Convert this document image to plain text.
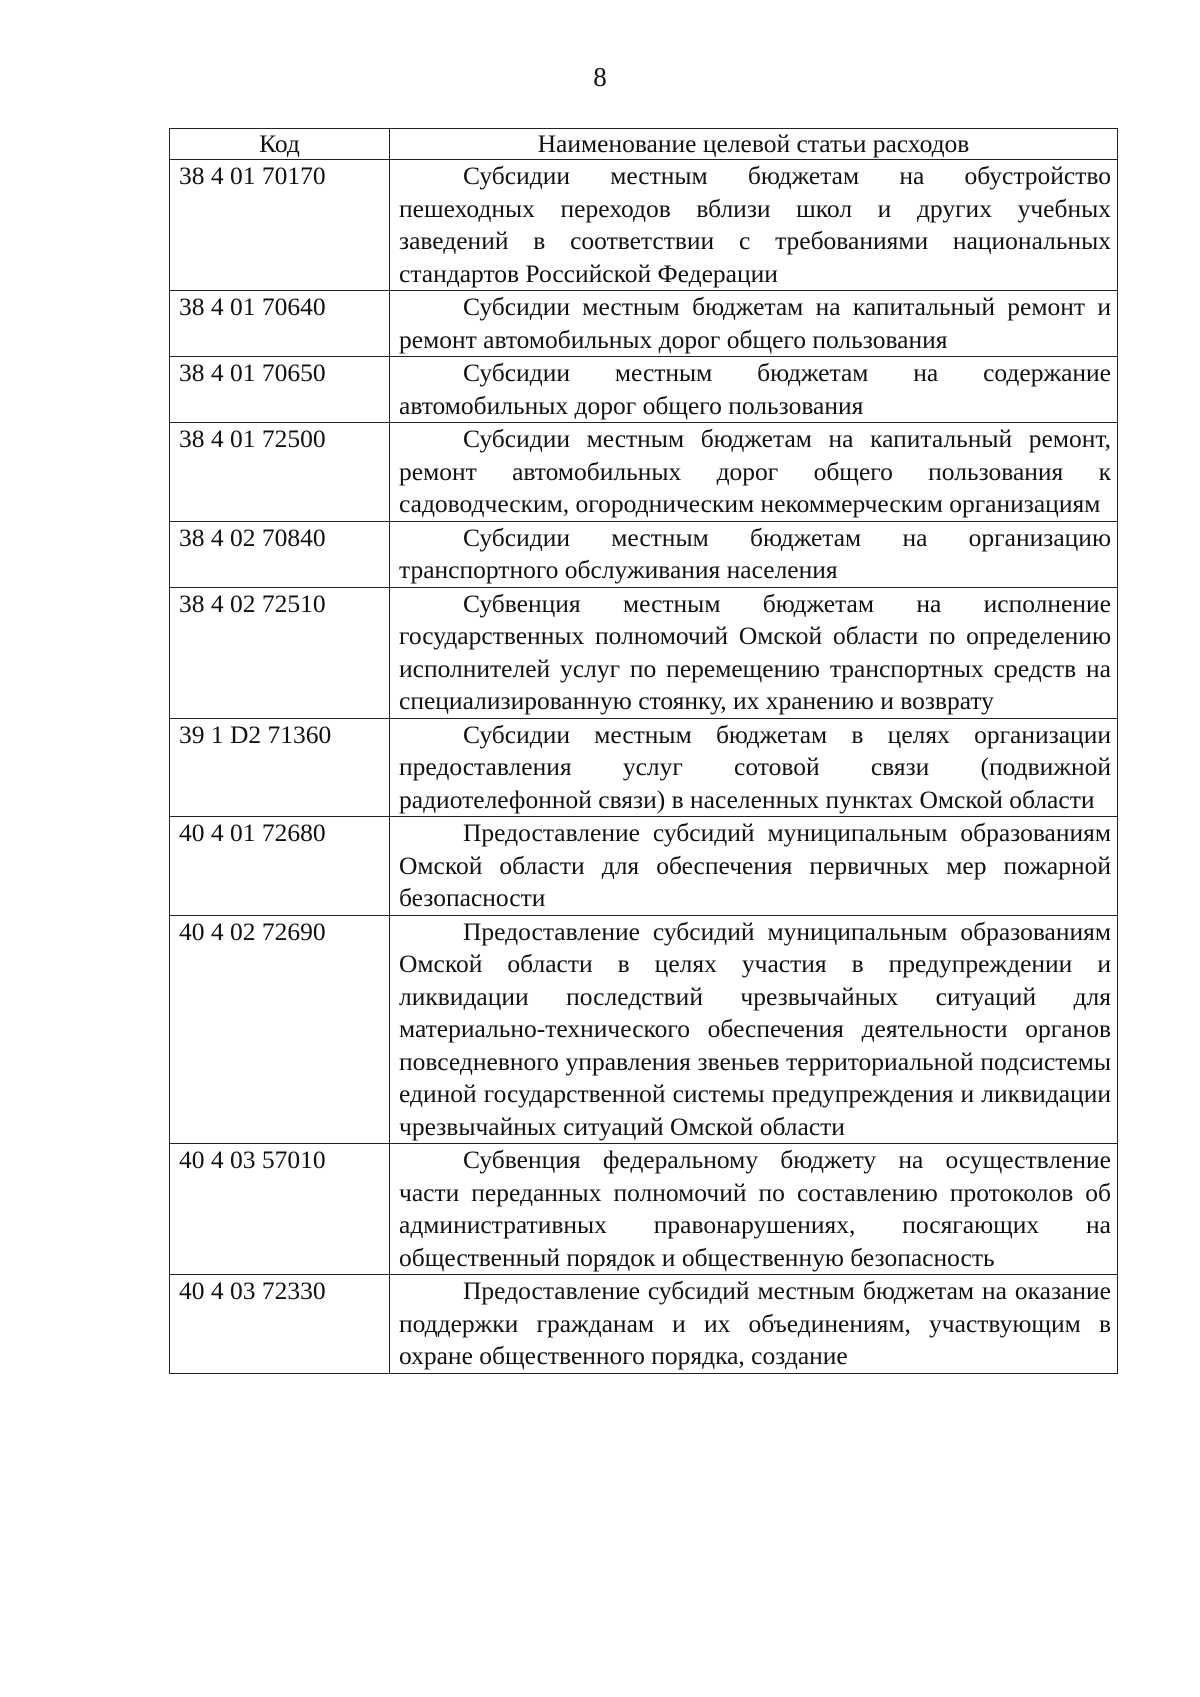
8
Код	Наименование целевой статьи расходов
38 4 01 70170	Субсидии местным бюджетам на обустройство пешеходных переходов вблизи школ и других учебных заведений в соответствии с требованиями национальных стандартов Российской Федерации
38 4 01 70640	Субсидии местным бюджетам на капитальный ремонт и ремонт автомобильных дорог общего пользования
38 4 01 70650	Субсидии местным бюджетам на содержание автомобильных дорог общего пользования
38 4 01 72500	Субсидии местным бюджетам на капитальный ремонт, ремонт автомобильных дорог общего пользования к садоводческим, огородническим некоммерческим организациям
38 4 02 70840	Субсидии местным бюджетам на организацию транспортного обслуживания населения
38 4 02 72510	Субвенция местным бюджетам на исполнение государственных полномочий Омской области по определению исполнителей услуг по перемещению транспортных средств на специализированную стоянку, их хранению и возврату
39 1 D2 71360	Субсидии местным бюджетам в целях организации предоставления услуг сотовой связи (подвижной радиотелефонной связи) в населенных пунктах Омской области
40 4 01 72680	Предоставление субсидий муниципальным образованиям Омской области для обеспечения первичных мер пожарной безопасности
40 4 02 72690	Предоставление субсидий муниципальным образованиям Омской области в целях участия в предупреждении и ликвидации последствий чрезвычайных ситуаций для материально-технического обеспечения деятельности органов повседневного управления звеньев территориальной подсистемы единой государственной системы предупреждения и ликвидации чрезвычайных ситуаций Омской области
40 4 03 57010	Субвенция федеральному бюджету на осуществление части переданных полномочий по составлению протоколов об административных правонарушениях, посягающих на общественный порядок и общественную безопасность
40 4 03 72330	Предоставление субсидий местным бюджетам на оказание поддержки гражданам и их объединениям, участвующим в охране общественного порядка, создание
